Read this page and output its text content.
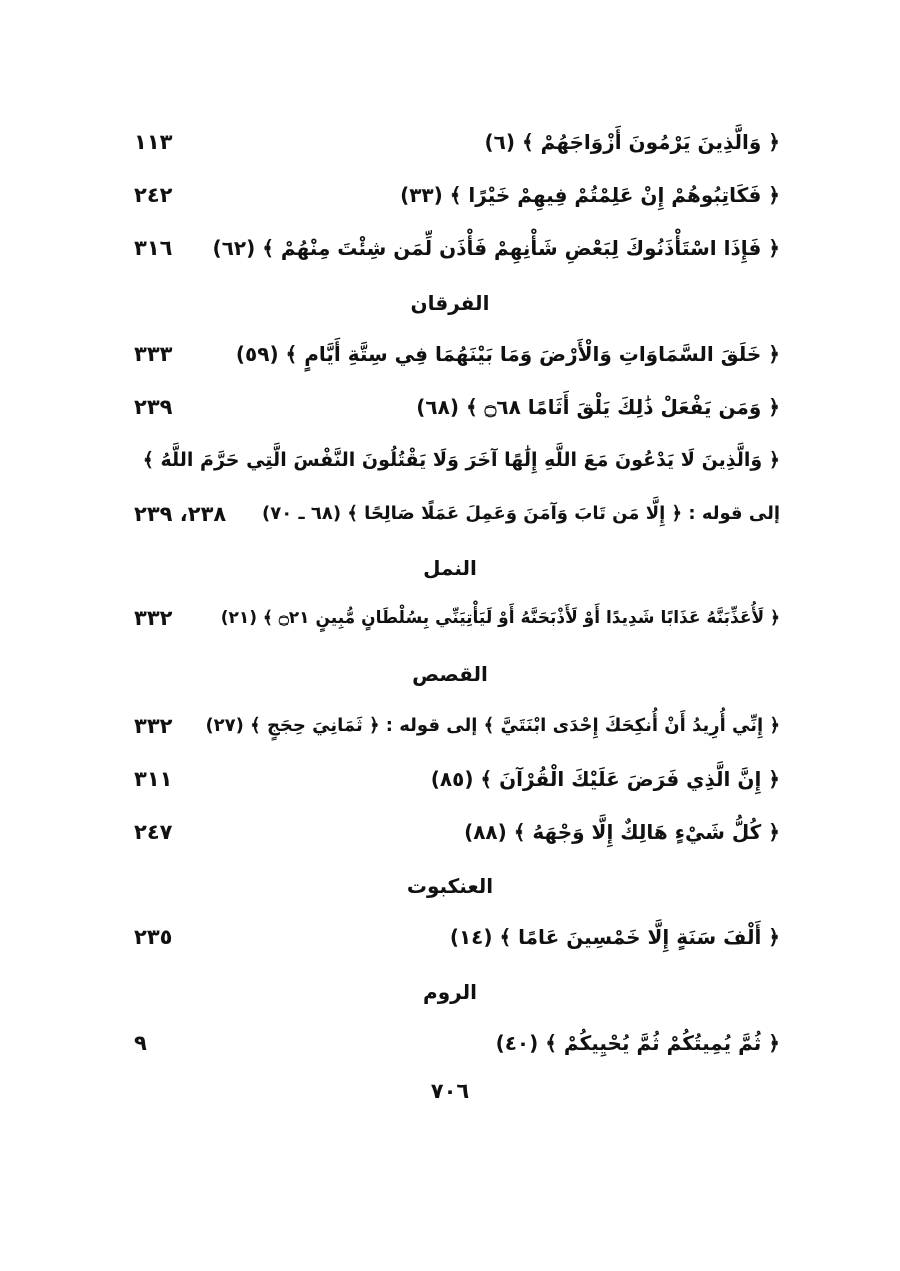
﴿ وَالَّذِينَ يَرْمُونَ أَزْوَاجَهُمْ ﴾ (٦)
١١٣
﴿ فَكَاتِبُوهُمْ إِنْ عَلِمْتُمْ فِيهِمْ خَيْرًا ﴾ (٣٣)
٢٤٢
﴿ فَإِذَا اسْتَأْذَنُوكَ لِبَعْضِ شَأْنِهِمْ فَأْذَن لِّمَن شِئْتَ مِنْهُمْ ﴾ (٦٢)
٣١٦
الفرقان
﴿ خَلَقَ السَّمَاوَاتِ وَالْأَرْضَ وَمَا بَيْنَهُمَا فِي سِتَّةِ أَيَّامٍ ﴾ (٥٩)
٣٣٣
﴿ وَمَن يَفْعَلْ ذَٰلِكَ يَلْقَ أَثَامًا ۝٦٨ ﴾ (٦٨)
٢٣٩
﴿ وَالَّذِينَ لَا يَدْعُونَ مَعَ اللَّهِ إِلَٰهًا آخَرَ وَلَا يَقْتُلُونَ النَّفْسَ الَّتِي حَرَّمَ اللَّهُ ﴾
إلى قوله : ﴿ إِلَّا مَن تَابَ وَآمَنَ وَعَمِلَ عَمَلًا صَالِحًا ﴾ (٦٨ ـ ٧٠)
٢٣٨، ٢٣٩
النمل
﴿ لَأُعَذِّبَنَّهُ عَذَابًا شَدِيدًا أَوْ لَأَذْبَحَنَّهُ أَوْ لَيَأْتِيَنِّي بِسُلْطَانٍ مُّبِينٍ ۝٢١ ﴾ (٢١)
٣٣٢
القصص
﴿ إِنِّي أُرِيدُ أَنْ أُنكِحَكَ إِحْدَى ابْنَتَيَّ ﴾ إلى قوله : ﴿ ثَمَانِيَ حِجَجٍ ﴾ (٢٧)
٣٣٢
﴿ إِنَّ الَّذِي فَرَضَ عَلَيْكَ الْقُرْآنَ ﴾ (٨٥)
٣١١
﴿ كُلُّ شَيْءٍ هَالِكٌ إِلَّا وَجْهَهُ ﴾ (٨٨)
٢٤٧
العنكبوت
﴿ أَلْفَ سَنَةٍ إِلَّا خَمْسِينَ عَامًا ﴾ (١٤)
٢٣٥
الروم
﴿ ثُمَّ يُمِيتُكُمْ ثُمَّ يُحْيِيكُمْ ﴾ (٤٠)
٩
٧٠٦
